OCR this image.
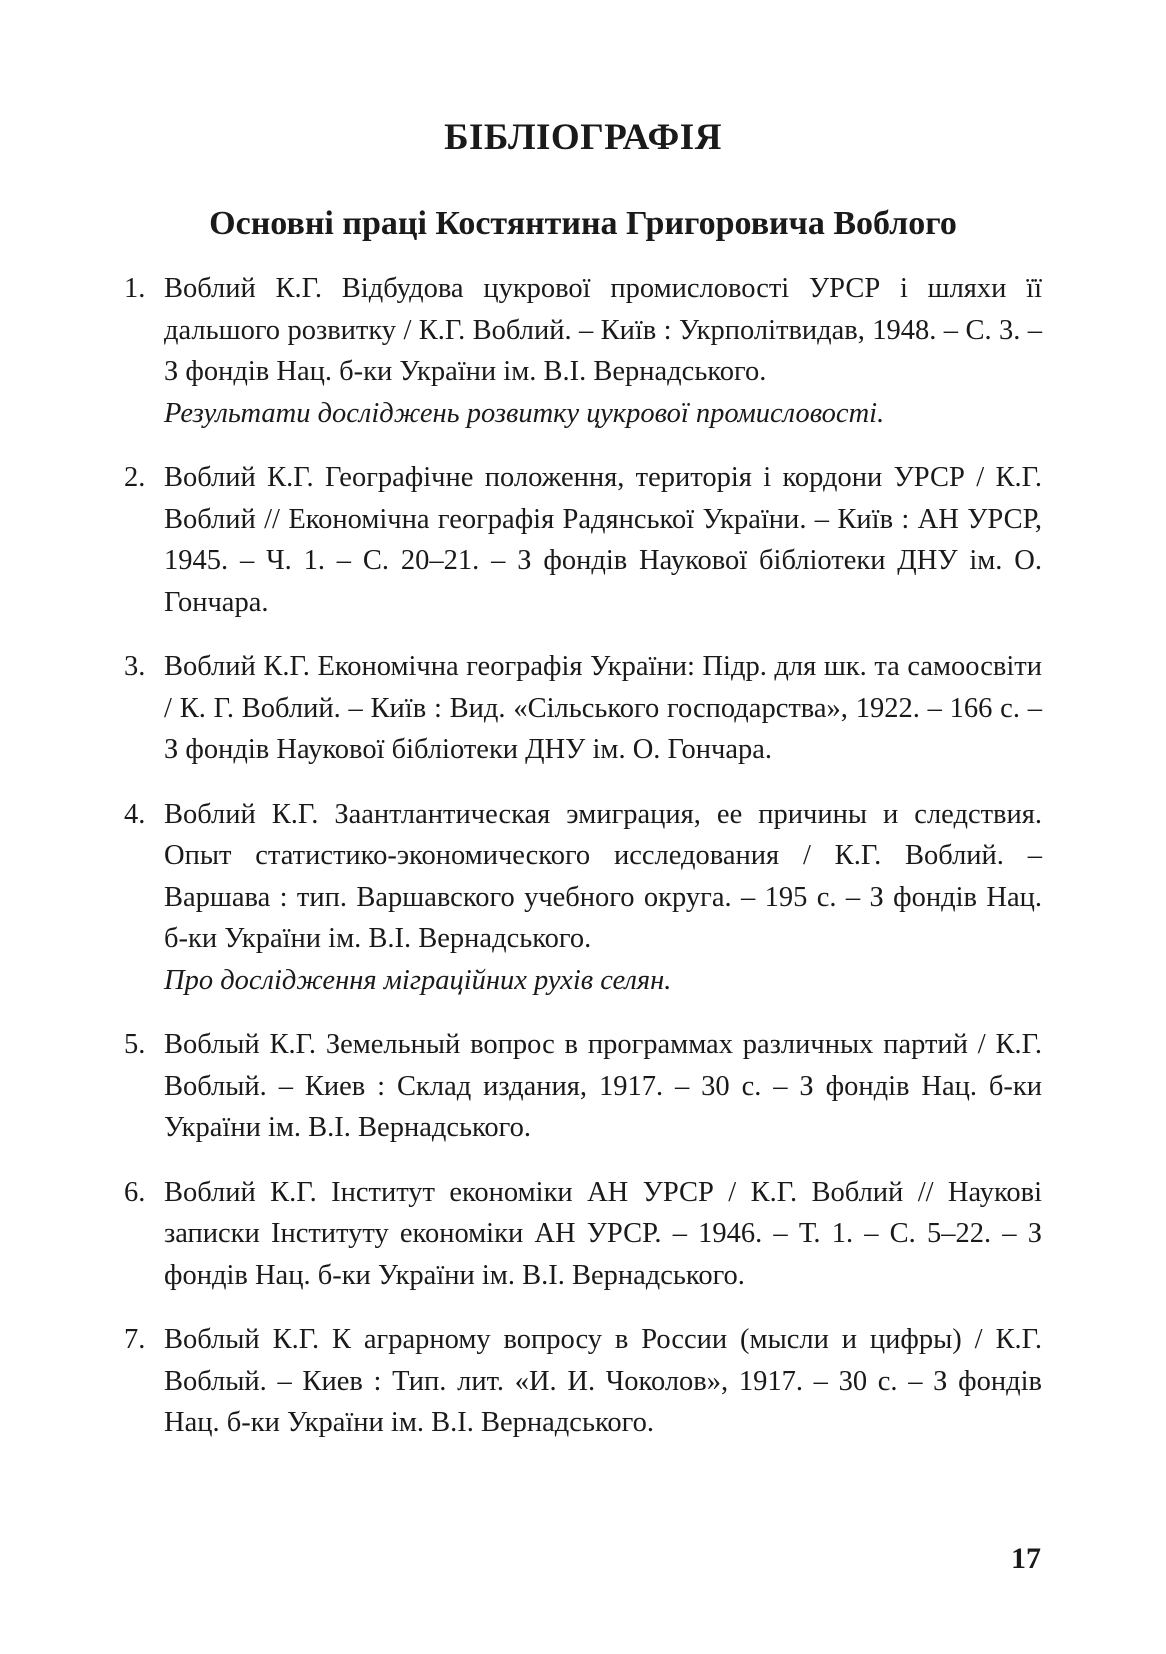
БІБЛІОГРАФІЯ
Основні праці Костянтина Григоровича Воблого
1. Воблий К.Г. Відбудова цукрової промисловості УРСР і шляхи її дальшого розвитку / К.Г. Воблий. – Київ : Укрполітвидав, 1948. – С. 3. – З фондів Нац. б-ки України ім. В.І. Вернадського.
Результати досліджень розвитку цукрової промисловості.
2. Воблий К.Г. Географічне положення, територія і кордони УРСР / К.Г. Воблий // Економічна географія Радянської України. – Київ : АН УРСР, 1945. – Ч. 1. – С. 20–21. – З фондів Наукової бібліотеки ДНУ ім. О. Гончара.
3. Воблий К.Г. Економічна географія України: Підр. для шк. та самоосвіти / К. Г. Воблий. – Київ : Вид. «Сільського господарства», 1922. – 166 с. – З фондів Наукової бібліотеки ДНУ ім. О. Гончара.
4. Воблий К.Г. Заантлантическая эмиграция, ее причины и следствия. Опыт статистико-экономического исследования / К.Г. Воблий. – Варшава : тип. Варшавского учебного округа. – 195 с. – З фондів Нац. б-ки України ім. В.І. Вернадського.
Про дослідження міграційних рухів селян.
5. Воблый К.Г. Земельный вопрос в программах различных партий / К.Г. Воблый. – Киев : Склад издания, 1917. – 30 с. – З фондів Нац. б-ки України ім. В.І. Вернадського.
6. Воблий К.Г. Інститут економіки АН УРСР / К.Г. Воблий // Наукові записки Інституту економіки АН УРСР. – 1946. – Т. 1. – С. 5–22. – З фондів Нац. б-ки України ім. В.І. Вернадського.
7. Воблый К.Г. К аграрному вопросу в России (мысли и цифры) / К.Г. Воблый. – Киев : Тип. лит. «И. И. Чоколов», 1917. – 30 с. – З фондів Нац. б-ки України ім. В.І. Вернадського.
17
